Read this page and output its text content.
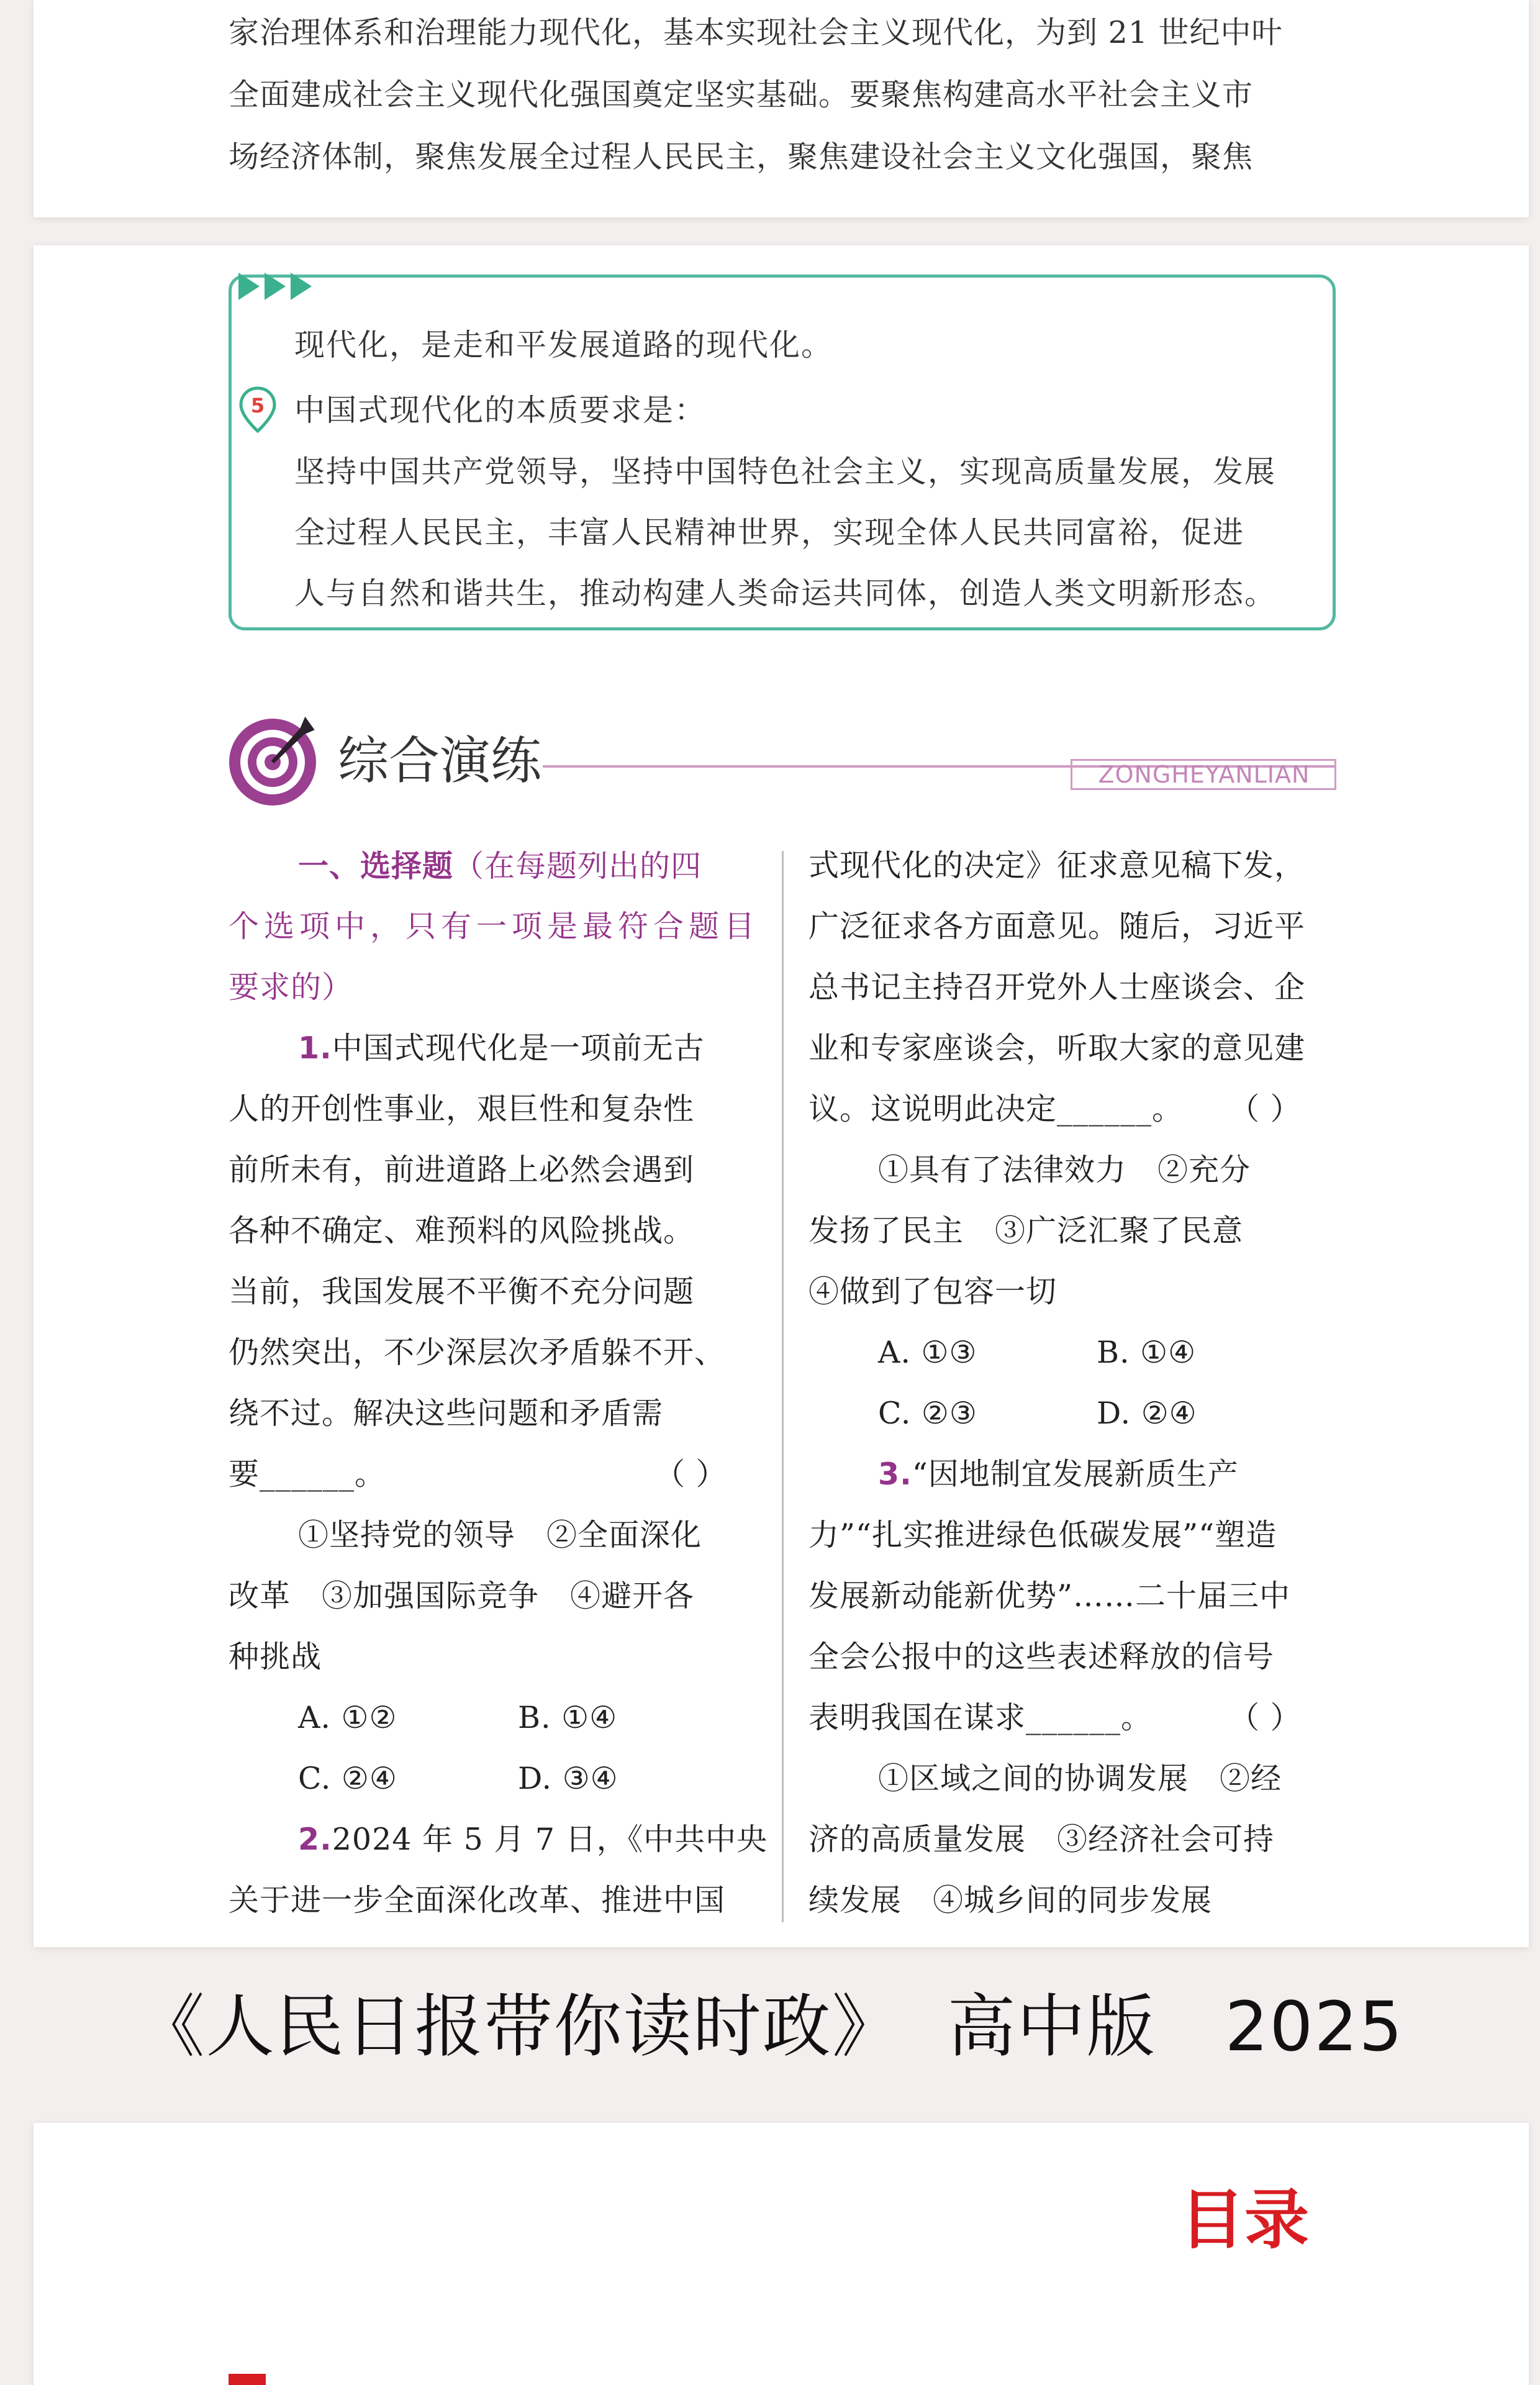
家治理体系和治理能力现代化，基本实现社会主义现代化，为到 21 世纪中叶
全面建成社会主义现代化强国奠定坚实基础。要聚焦构建高水平社会主义市
场经济体制，聚焦发展全过程人民民主，聚焦建设社会主义文化强国，聚焦
现代化，是走和平发展道路的现代化。
5 中国式现代化的本质要求是：
坚持中国共产党领导，坚持中国特色社会主义，实现高质量发展，发展
全过程人民民主，丰富人民精神世界，实现全体人民共同富裕，促进
人与自然和谐共生，推动构建人类命运共同体，创造人类文明新形态。
综合演练	ZONGHEYANLIAN
一、选择题（在每题列出的四
个选项中，只有一项是最符合题目
要求的）
1.中国式现代化是一项前无古
人的开创性事业，艰巨性和复杂性
前所未有，前进道路上必然会遇到
各种不确定、难预料的风险挑战。
当前，我国发展不平衡不充分问题
仍然突出，不少深层次矛盾躲不开、
绕不过。解决这些问题和矛盾需
要______。	（ ）
①坚持党的领导　②全面深化
改革　③加强国际竞争　④避开各
种挑战
A. ①②	B. ①④
C. ②④	D. ③④
2.2024 年 5 月 7 日，《中共中央
关于进一步全面深化改革、推进中国
式现代化的决定》征求意见稿下发，
广泛征求各方面意见。随后，习近平
总书记主持召开党外人士座谈会、企
业和专家座谈会，听取大家的意见建
议。这说明此决定______。 （ ）
①具有了法律效力　②充分
发扬了民主　③广泛汇聚了民意
④做到了包容一切
A. ①③	B. ①④
C. ②③	D. ②④
3.“因地制宜发展新质生产
力”“扎实推进绿色低碳发展”“塑造
发展新动能新优势”……二十届三中
全会公报中的这些表述释放的信号
表明我国在谋求______。	（ ）
①区域之间的协调发展　②经
济的高质量发展　③经济社会可持
续发展　④城乡间的同步发展
《人民日报带你读时政》 高中版 2025
目录
